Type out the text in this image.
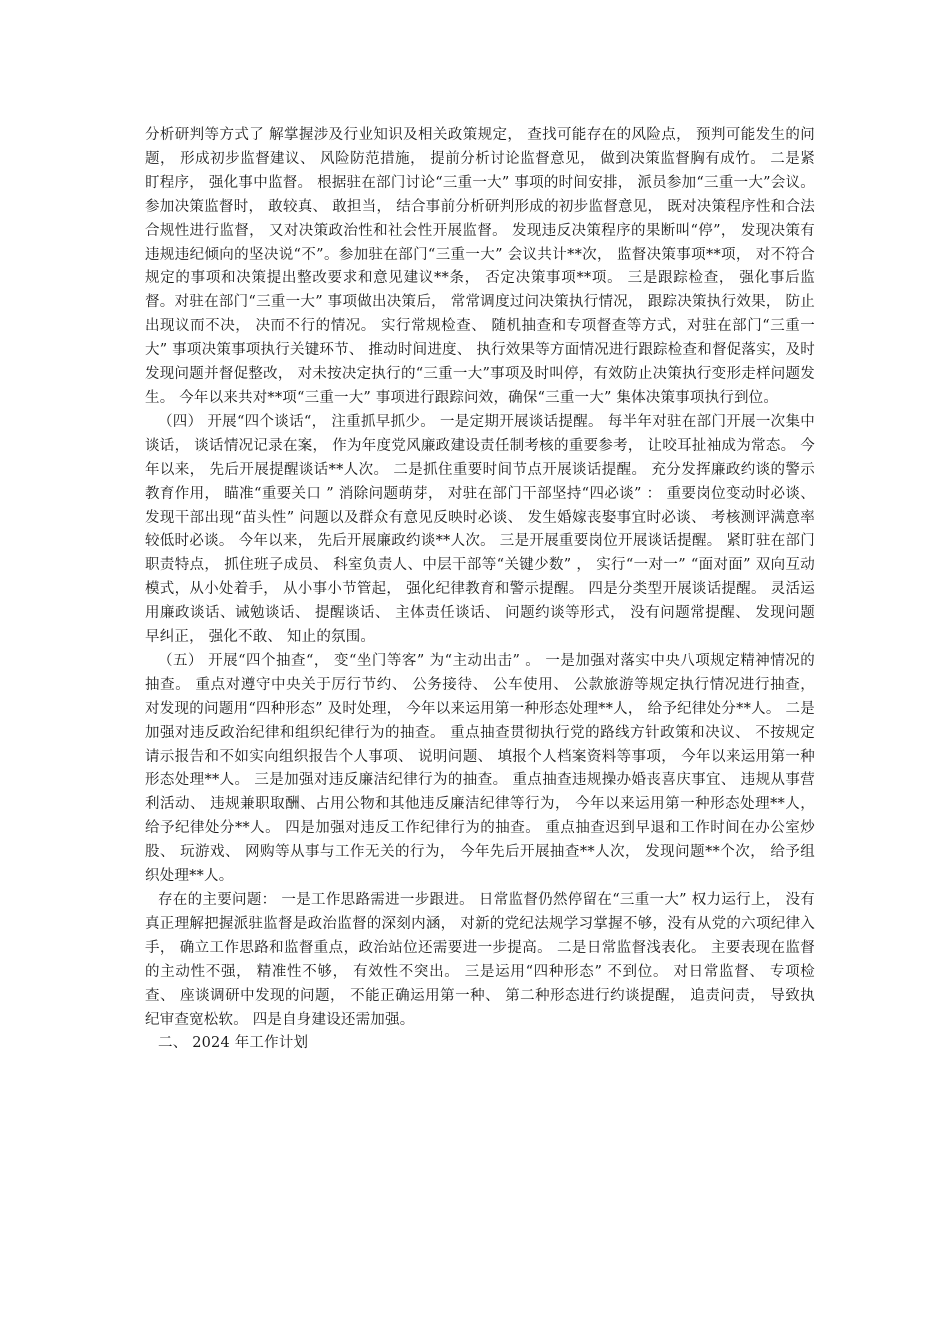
分析研判等方式了 解掌握涉及行业知识及相关政策规定， 查找可能存在的风险点， 预判可能发生的问题， 形成初步监督建议、 风险防范措施， 提前分析讨论监督意见， 做到决策监督胸有成竹。 二是紧盯程序， 强化事中监督。 根据驻在部门讨论“三重一大” 事项的时间安排， 派员参加“三重一大”会议。 参加决策监督时， 敢较真、 敢担当， 结合事前分析研判形成的初步监督意见， 既对决策程序性和合法合规性进行监督， 又对决策政治性和社会性开展监督。 发现违反决策程序的果断叫“停”， 发现决策有违规违纪倾向的坚决说“不”。参加驻在部门“三重一大” 会议共计**次， 监督决策事项**项， 对不符合规定的事项和决策提出整改要求和意见建议**条， 否定决策事项**项。 三是跟踪检查， 强化事后监督。对驻在部门“三重一大” 事项做出决策后， 常常调度过问决策执行情况， 跟踪决策执行效果， 防止出现议而不决， 决而不行的情况。 实行常规检查、 随机抽查和专项督查等方式，对驻在部门“三重一大” 事项决策事项执行关键环节、 推动时间进度、 执行效果等方面情况进行跟踪检查和督促落实，及时发现问题并督促整改， 对未按决定执行的“三重一大”事项及时叫停，有效防止决策执行变形走样问题发生。 今年以来共对**项“三重一大” 事项进行跟踪问效，确保“三重一大” 集体决策事项执行到位。

（四） 开展“四个谈话“， 注重抓早抓少。 一是定期开展谈话提醒。 每半年对驻在部门开展一次集中谈话， 谈话情况记录在案， 作为年度党风廉政建设责任制考核的重要参考， 让咬耳扯袖成为常态。 今年以来， 先后开展提醒谈话**人次。 二是抓住重要时间节点开展谈话提醒。 充分发挥廉政约谈的警示教育作用， 瞄准“重要关口 ” 消除问题萌芽， 对驻在部门干部坚持“四必谈” ： 重要岗位变动时必谈、 发现干部出现“苗头性” 问题以及群众有意见反映时必谈、 发生婚嫁丧娶事宜时必谈、 考核测评满意率较低时必谈。 今年以来， 先后开展廉政约谈**人次。 三是开展重要岗位开展谈话提醒。 紧盯驻在部门职责特点， 抓住班子成员、 科室负责人、中层干部等“关键少数” ， 实行“一对一” “面对面” 双向互动模式，从小处着手， 从小事小节管起， 强化纪律教育和警示提醒。 四是分类型开展谈话提醒。 灵活运用廉政谈话、诫勉谈话、 提醒谈话、 主体责任谈话、 问题约谈等形式， 没有问题常提醒、 发现问题早纠正， 强化不敢、 知止的氛围。

（五） 开展“四个抽查“， 变“坐门等客” 为“主动出击” 。 一是加强对落实中央八项规定精神情况的抽查。 重点对遵守中央关于厉行节约、 公务接待、 公车使用、 公款旅游等规定执行情况进行抽查， 对发现的问题用“四种形态” 及时处理， 今年以来运用第一种形态处理**人， 给予纪律处分**人。 二是加强对违反政治纪律和组织纪律行为的抽查。 重点抽查贯彻执行党的路线方针政策和决议、 不按规定请示报告和不如实向组织报告个人事项、 说明问题、 填报个人档案资料等事项， 今年以来运用第一种形态处理**人。 三是加强对违反廉洁纪律行为的抽查。 重点抽查违规操办婚丧喜庆事宜、 违规从事营利活动、 违规兼职取酬、占用公物和其他违反廉洁纪律等行为， 今年以来运用第一种形态处理**人， 给予纪律处分**人。 四是加强对违反工作纪律行为的抽查。 重点抽查迟到早退和工作时间在办公室炒股、 玩游戏、 网购等从事与工作无关的行为， 今年先后开展抽查**人次， 发现问题**个次， 给予组织处理**人。

存在的主要问题： 一是工作思路需进一步跟进。 日常监督仍然停留在“三重一大” 权力运行上， 没有真正理解把握派驻监督是政治监督的深刻内涵， 对新的党纪法规学习掌握不够，没有从党的六项纪律入手， 确立工作思路和监督重点，政治站位还需要进一步提高。 二是日常监督浅表化。 主要表现在监督的主动性不强， 精准性不够， 有效性不突出。 三是运用“四种形态” 不到位。 对日常监督、 专项检查、 座谈调研中发现的问题， 不能正确运用第一种、 第二种形态进行约谈提醒， 追责问责， 导致执纪审查宽松软。 四是自身建设还需加强。

二、 2024 年工作计划
